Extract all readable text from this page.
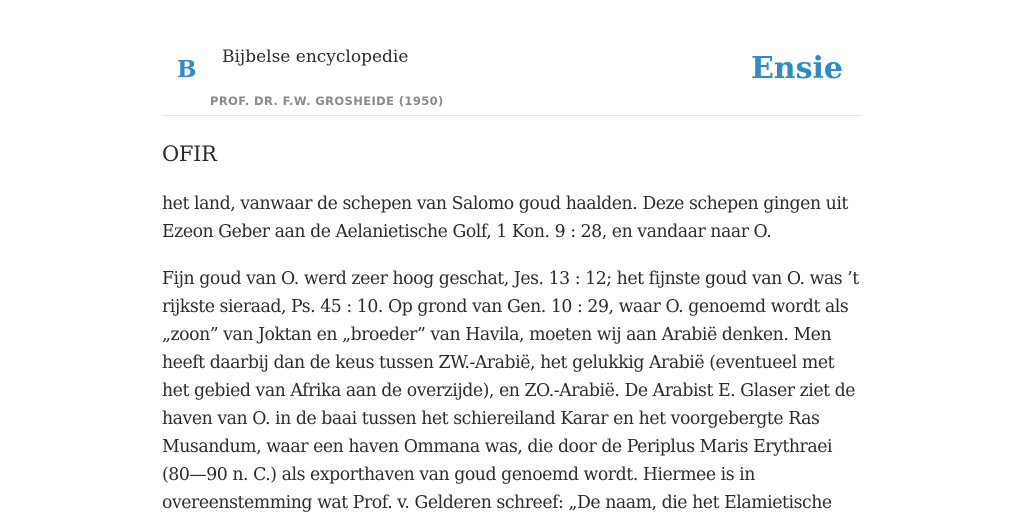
B Bijbelse encyclopedie
PROF. DR. F.W. GROSHEIDE (1950)
Ensie
OFIR

het land, vanwaar de schepen van Salomo goud haalden. Deze schepen gingen uit Ezeon Geber aan de Aelanietische Golf, 1 Kon. 9 : 28, en vandaar naar O.

Fijn goud van O. werd zeer hoog geschat, Jes. 13 : 12; het fijnste goud van O. was ’t rijkste sieraad, Ps. 45 : 10. Op grond van Gen. 10 : 29, waar O. genoemd wordt als „zoon” van Joktan en „broeder” van Havila, moeten wij aan Arabië denken. Men heeft daarbij dan de keus tussen ZW.-Arabië, het gelukkig Arabië (eventueel met het gebied van Afrika aan de overzijde), en ZO.-Arabië. De Arabist E. Glaser ziet de haven van O. in de baai tussen het schiereiland Karar en het voorgebergte Ras Musandum, waar een haven Ommana was, die door de Periplus Maris Erythraei (80—90 n. C.) als exporthaven van goud genoemd wordt. Hiermee is in overeenstemming wat Prof. v. Gelderen schreef: „De naam, die het Elamietische
